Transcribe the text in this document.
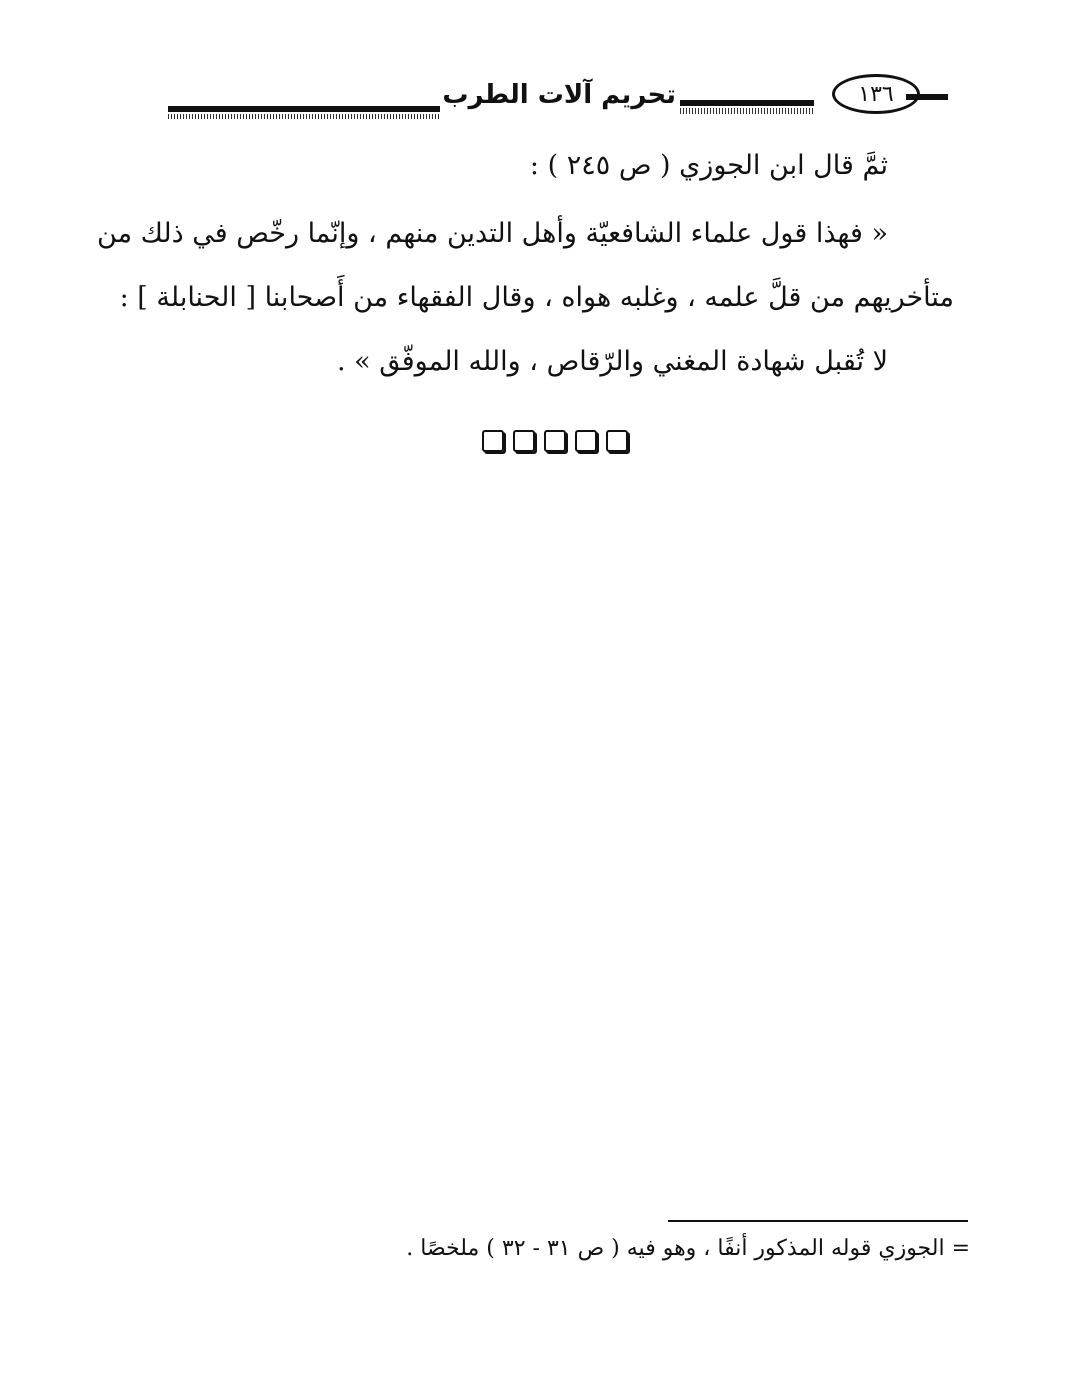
تحريم آلات الطرب	١٣٦
ثمَّ قال ابن الجوزي ( ص ٢٤٥ ) :
« فهذا قول علماء الشافعيّة وأهل التدين منهم ، وإنّما رخّص في ذلك من
متأخريهم من قلَّ علمه ، وغلبه هواه ، وقال الفقهاء من أَصحابنا [ الحنابلة ] :
لا تُقبل شهادة المغني والرّقاص ، والله الموفّق » .
= الجوزي قوله المذكور أنفًا ، وهو فيه ( ص ٣١ - ٣٢ ) ملخصًا .
